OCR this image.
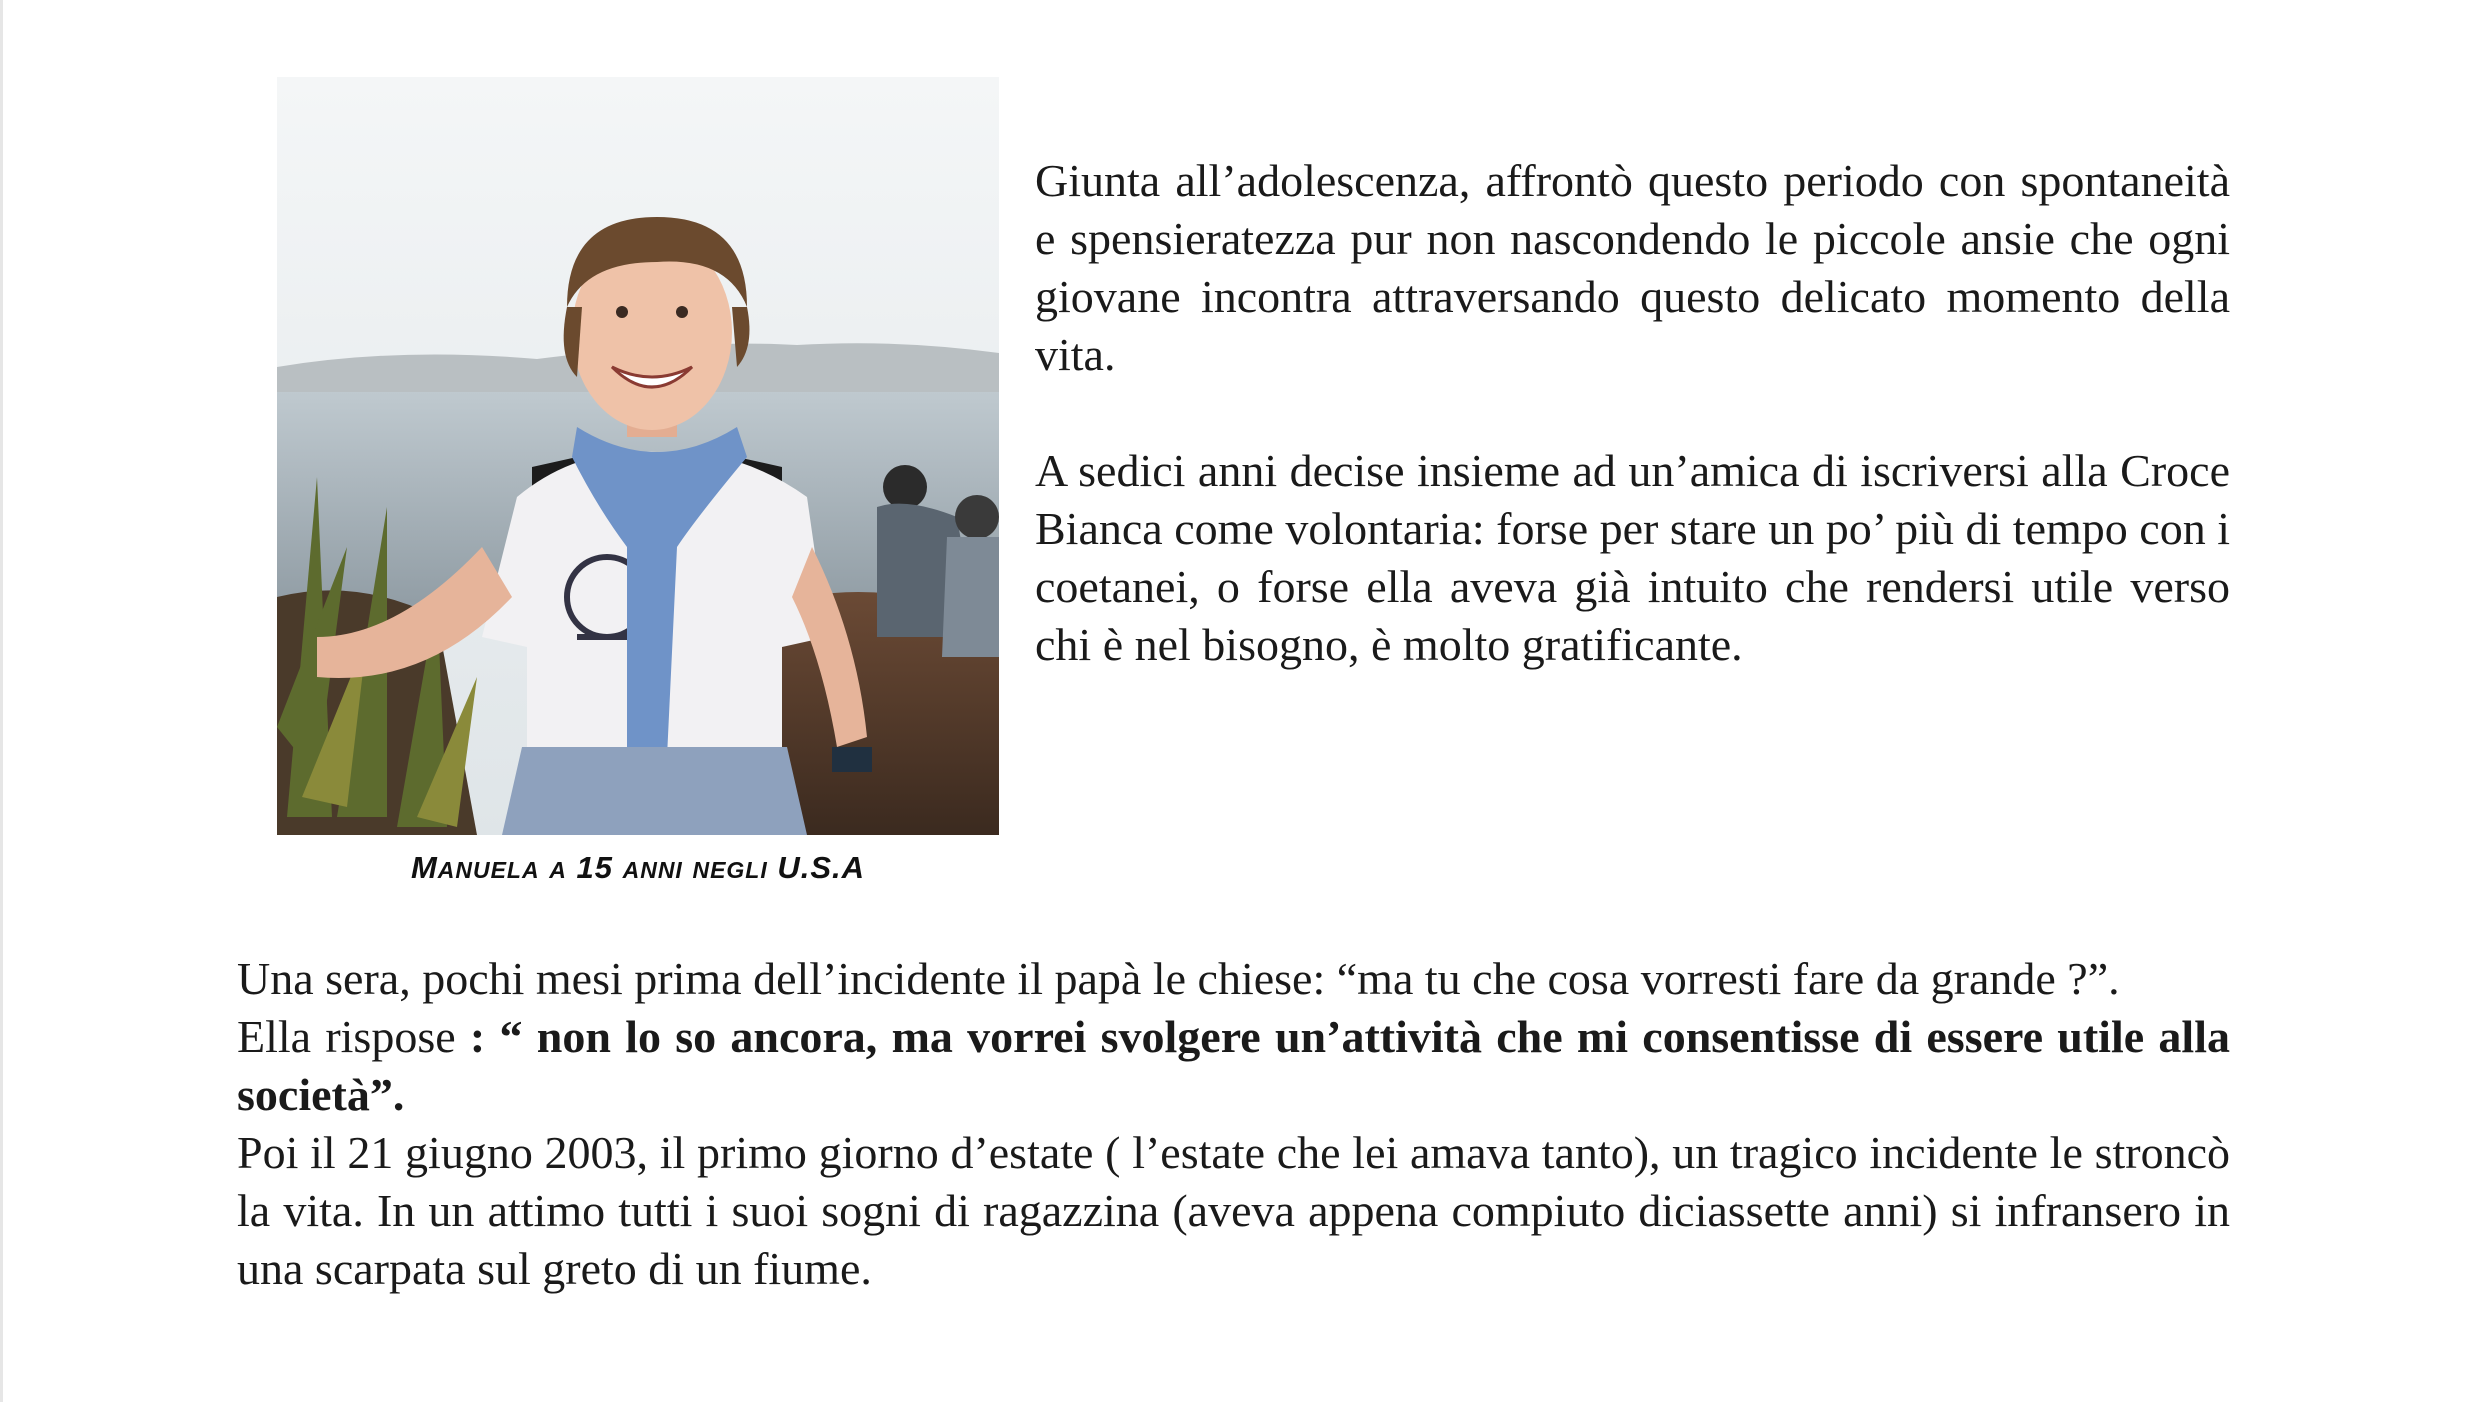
MANUELA A 15 ANNI NEGLI U.S.A

Giunta all’adolescenza, affrontò questo periodo con spontaneità e spensieratezza pur non nascondendo le piccole ansie che ogni giovane incontra attraversando questo delicato momento della vita.

A sedici anni decise insieme ad un’amica di iscriversi alla Croce Bianca come volontaria: forse per stare un po’ più di tempo con i coetanei, o forse ella aveva già intuito che rendersi utile verso chi è nel bisogno, è molto gratificante.

Una sera, pochi mesi prima dell’incidente il papà le chiese: “ma tu che cosa vorresti fare da grande ?”.

Ella rispose : “ non lo so ancora, ma vorrei svolgere un’attività che mi consentisse di essere utile alla società”.

Poi il 21 giugno 2003, il primo giorno d’estate ( l’estate che lei amava tanto), un tragico incidente le stroncò la vita. In un attimo tutti i suoi sogni di ragazzina (aveva appena compiuto diciassette anni) si infransero in una scarpata sul greto di un fiume.
